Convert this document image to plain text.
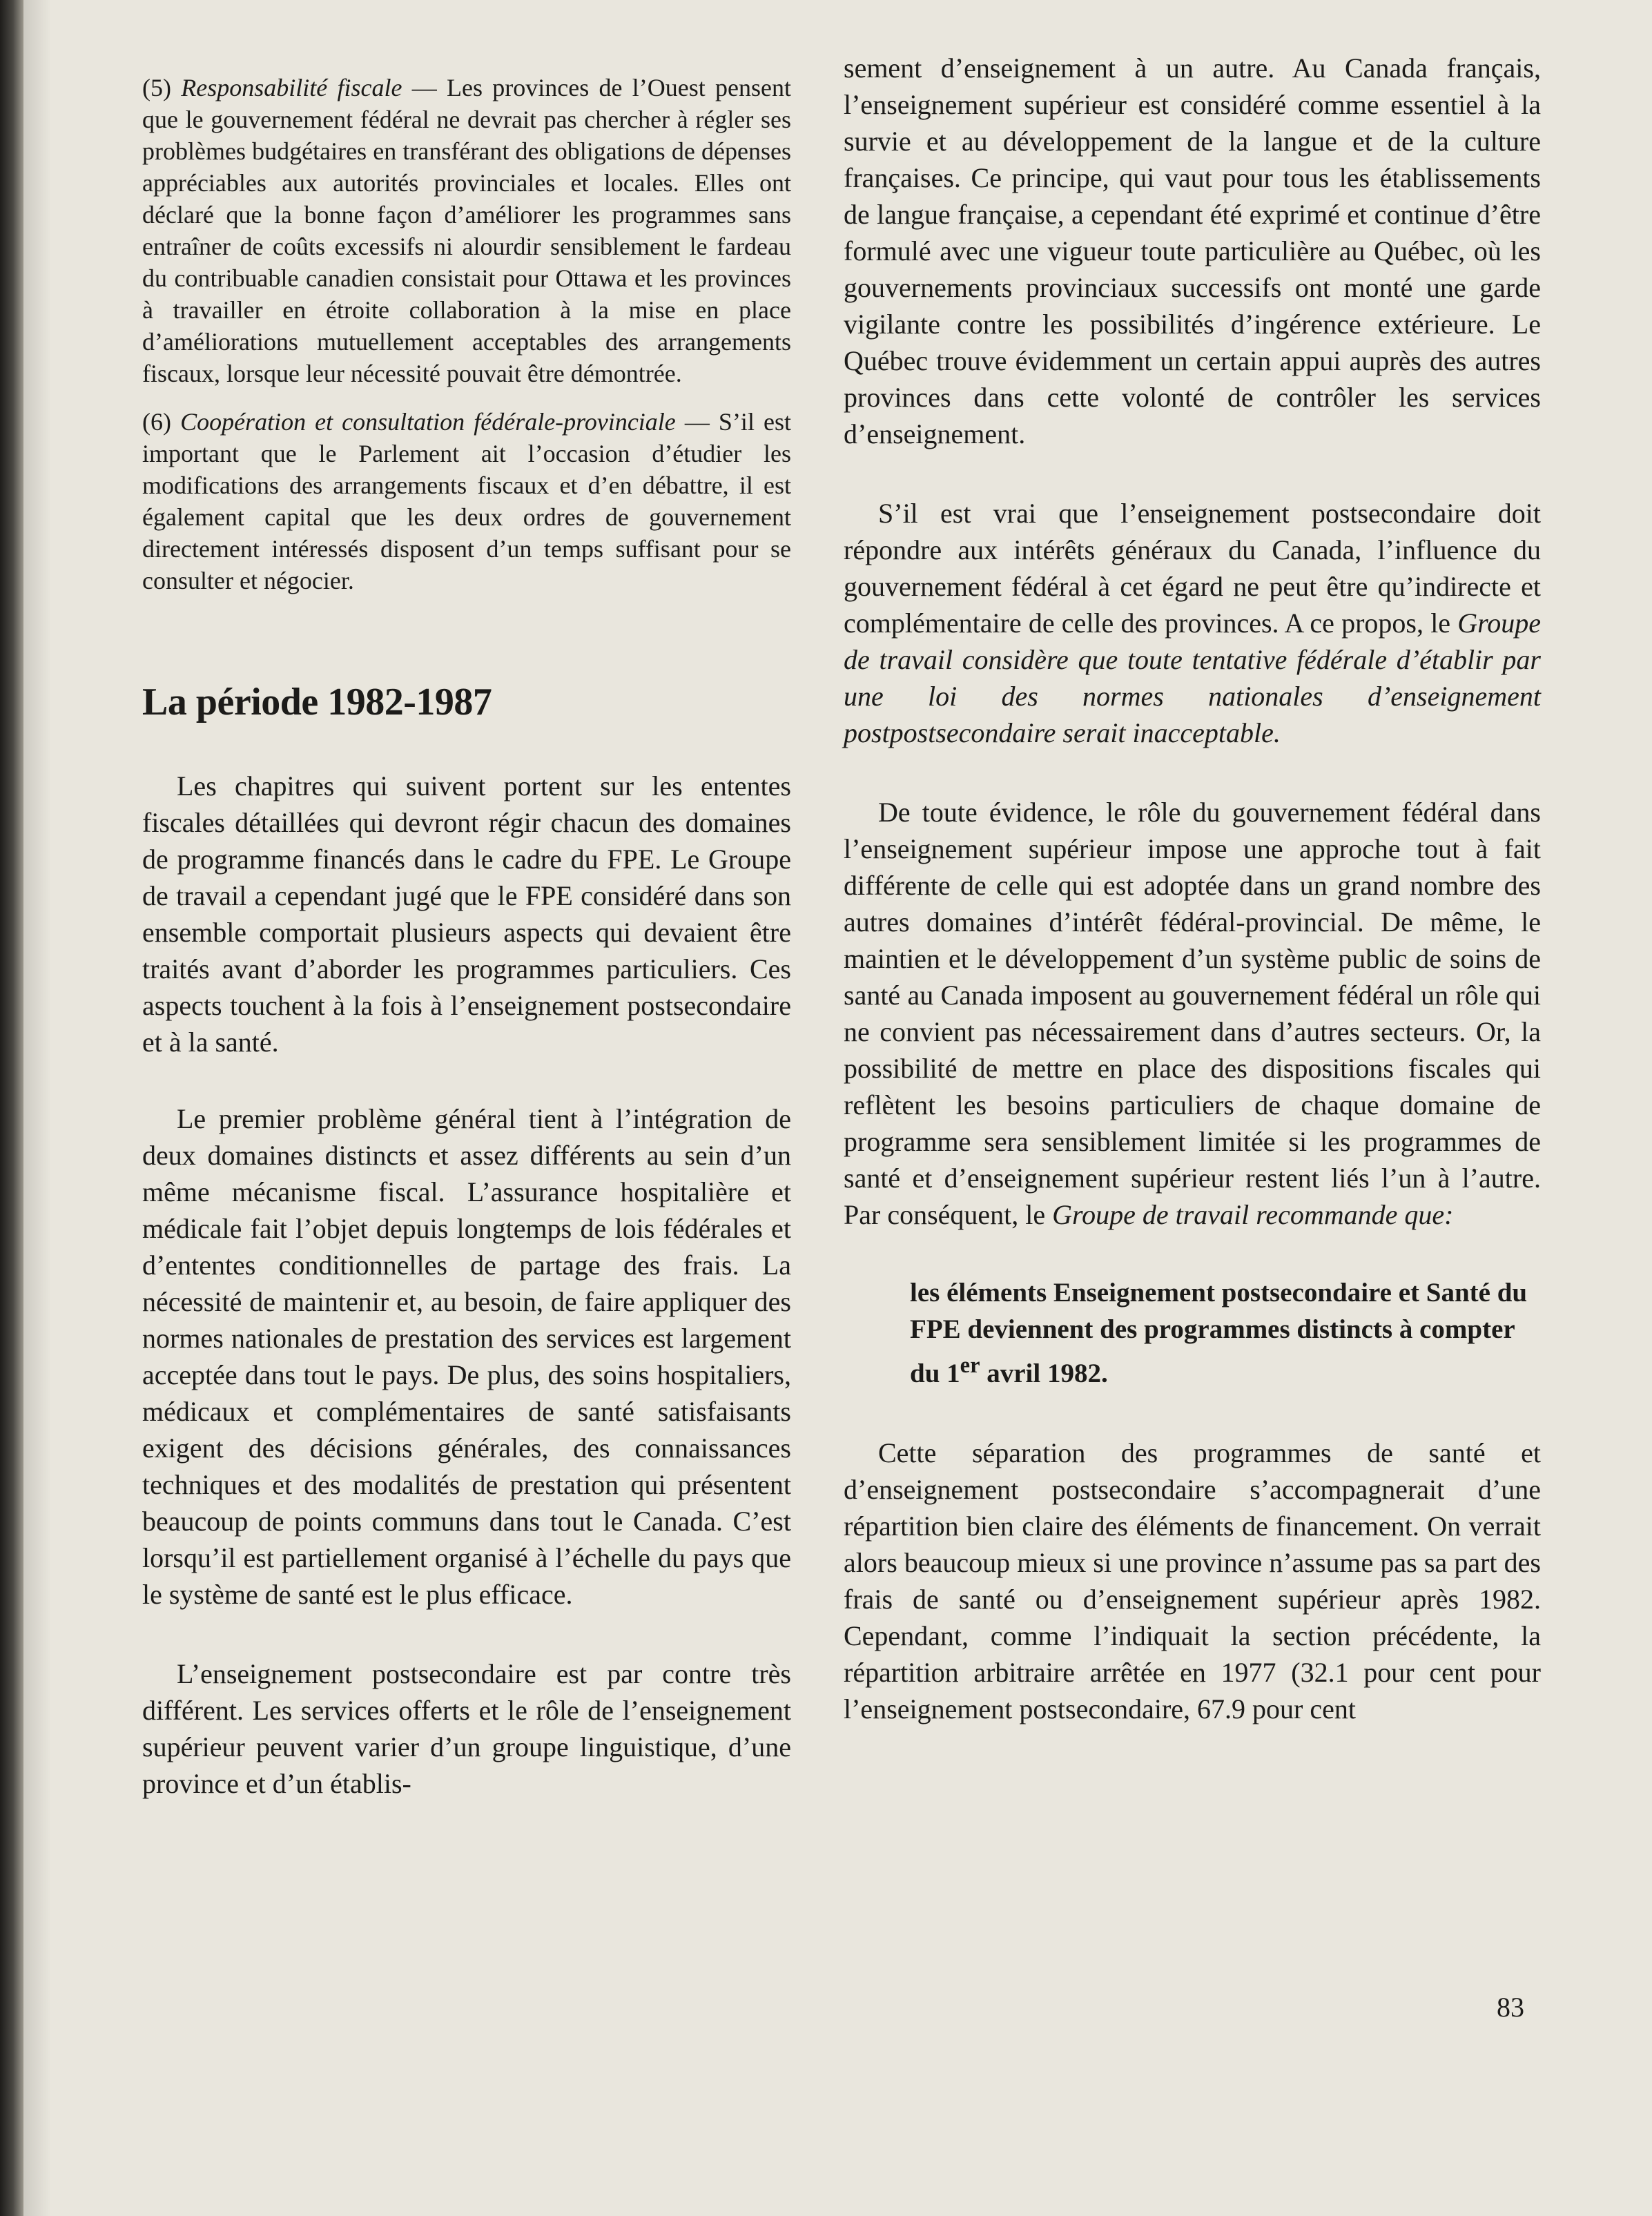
(5) Responsabilité fiscale — Les provinces de l’Ouest pensent que le gouvernement fédéral ne devrait pas chercher à régler ses problèmes budgétaires en transférant des obligations de dépenses appréciables aux autorités provinciales et locales. Elles ont déclaré que la bonne façon d’améliorer les programmes sans entraîner de coûts excessifs ni alourdir sensiblement le fardeau du contribuable canadien consistait pour Ottawa et les provinces à travailler en étroite collaboration à la mise en place d’améliorations mutuellement acceptables des arrangements fiscaux, lorsque leur nécessité pouvait être démontrée.

(6) Coopération et consultation fédérale-provinciale — S’il est important que le Parlement ait l’occasion d’étudier les modifications des arrangements fiscaux et d’en débattre, il est également capital que les deux ordres de gouvernement directement intéressés disposent d’un temps suffisant pour se consulter et négocier.

La période 1982-1987

Les chapitres qui suivent portent sur les ententes fiscales détaillées qui devront régir chacun des domaines de programme financés dans le cadre du FPE. Le Groupe de travail a cependant jugé que le FPE considéré dans son ensemble comportait plusieurs aspects qui devaient être traités avant d’aborder les programmes particuliers. Ces aspects touchent à la fois à l’enseignement postsecondaire et à la santé.

Le premier problème général tient à l’intégration de deux domaines distincts et assez différents au sein d’un même mécanisme fiscal. L’assurance hospitalière et médicale fait l’objet depuis longtemps de lois fédérales et d’ententes conditionnelles de partage des frais. La nécessité de maintenir et, au besoin, de faire appliquer des normes nationales de prestation des services est largement acceptée dans tout le pays. De plus, des soins hospitaliers, médicaux et complémentaires de santé satisfaisants exigent des décisions générales, des connaissances techniques et des modalités de prestation qui présentent beaucoup de points communs dans tout le Canada. C’est lorsqu’il est partiellement organisé à l’échelle du pays que le système de santé est le plus efficace.

L’enseignement postsecondaire est par contre très différent. Les services offerts et le rôle de l’enseignement supérieur peuvent varier d’un groupe linguistique, d’une province et d’un établis-

sement d’enseignement à un autre. Au Canada français, l’enseignement supérieur est considéré comme essentiel à la survie et au développement de la langue et de la culture françaises. Ce principe, qui vaut pour tous les établissements de langue française, a cependant été exprimé et continue d’être formulé avec une vigueur toute particulière au Québec, où les gouvernements provinciaux successifs ont monté une garde vigilante contre les possibilités d’ingérence extérieure. Le Québec trouve évidemment un certain appui auprès des autres provinces dans cette volonté de contrôler les services d’enseignement.

S’il est vrai que l’enseignement postsecondaire doit répondre aux intérêts généraux du Canada, l’influence du gouvernement fédéral à cet égard ne peut être qu’indirecte et complémentaire de celle des provinces. A ce propos, le Groupe de travail considère que toute tentative fédérale d’établir par une loi des normes nationales d’enseignement postpostsecondaire serait inacceptable.

De toute évidence, le rôle du gouvernement fédéral dans l’enseignement supérieur impose une approche tout à fait différente de celle qui est adoptée dans un grand nombre des autres domaines d’intérêt fédéral-provincial. De même, le maintien et le développement d’un système public de soins de santé au Canada imposent au gouvernement fédéral un rôle qui ne convient pas nécessairement dans d’autres secteurs. Or, la possibilité de mettre en place des dispositions fiscales qui reflètent les besoins particuliers de chaque domaine de programme sera sensiblement limitée si les programmes de santé et d’enseignement supérieur restent liés l’un à l’autre. Par conséquent, le Groupe de travail recommande que:

les éléments Enseignement postsecondaire et Santé du FPE deviennent des programmes distincts à compter du 1er avril 1982.

Cette séparation des programmes de santé et d’enseignement postsecondaire s’accompagnerait d’une répartition bien claire des éléments de financement. On verrait alors beaucoup mieux si une province n’assume pas sa part des frais de santé ou d’enseignement supérieur après 1982. Cependant, comme l’indiquait la section précédente, la répartition arbitraire arrêtée en 1977 (32.1 pour cent pour l’enseignement postsecondaire, 67.9 pour cent

83
